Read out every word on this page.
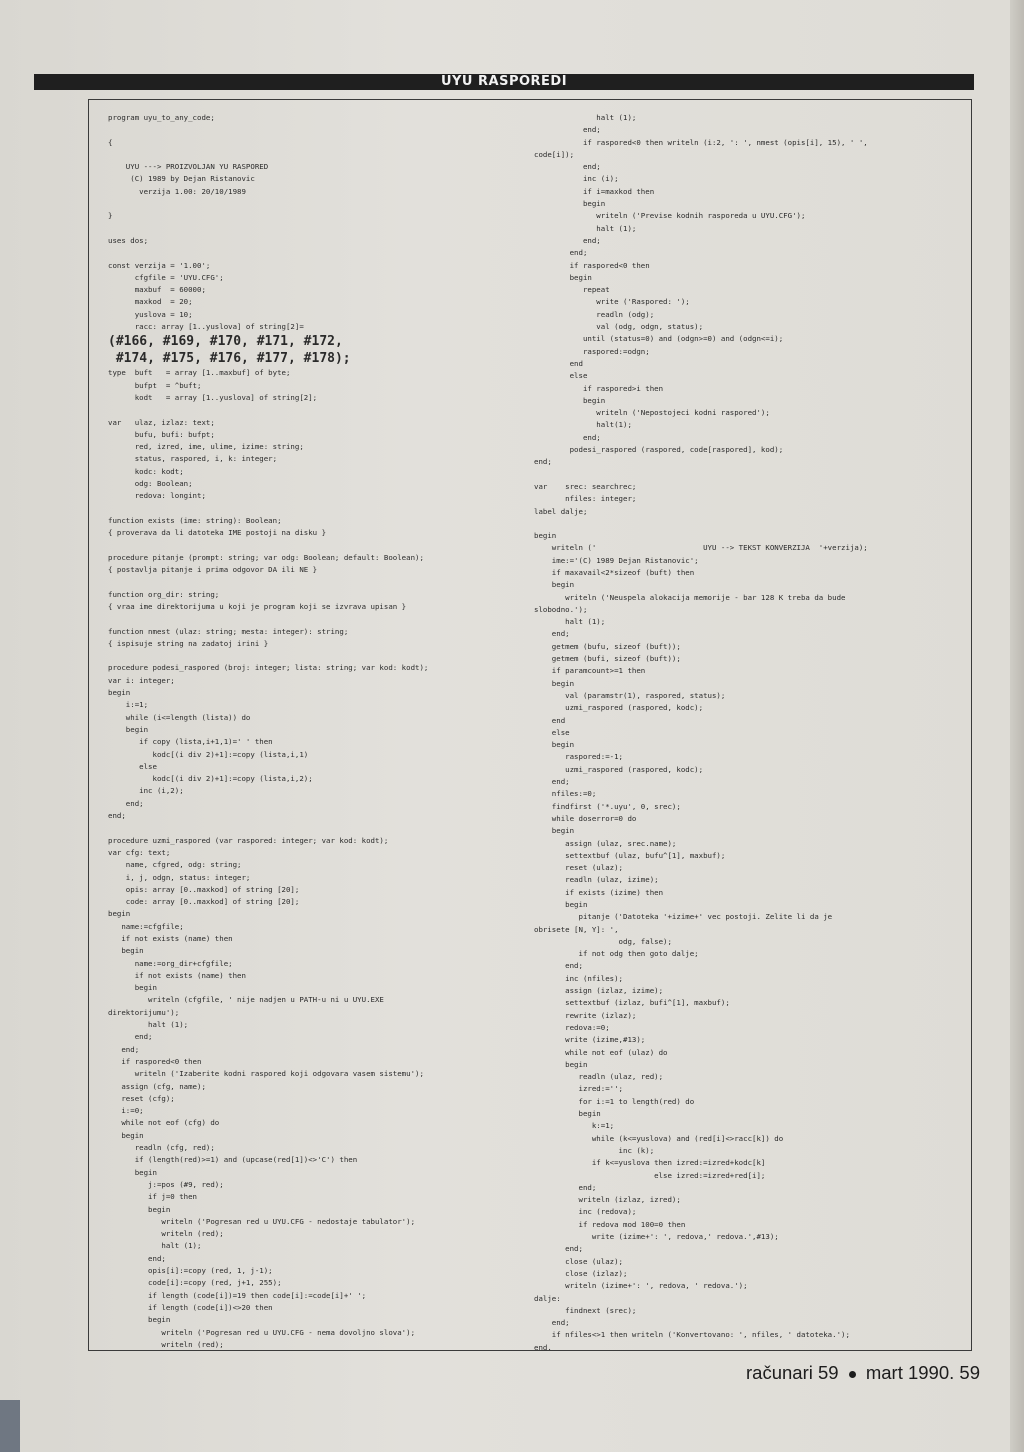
UYU RASPOREDI
program uyu_to_any_code;
{
UYU ---> PROIZVOLJAN YU RASPORED
(C) 1989 by Dejan Ristanovic
verzija 1.00: 20/10/1989
}
uses dos;
const verzija = '1.00';
cfgfile = 'UYU.CFG';
maxbuf  = 60000;
maxkod  = 20;
yuslova = 10;
racc: array [1..yuslova] of string[2]=
(#166, #169, #170, #171, #172,
#174, #175, #176, #177, #178);
type  buft   = array [1..maxbuf] of byte;
bufpt  = ^buft;
kodt   = array [1..yuslova] of string[2];
var   ulaz, izlaz: text;
bufu, bufi: bufpt;
red, izred, ime, ulime, izime: string;
status, raspored, i, k: integer;
kodc: kodt;
odg: Boolean;
redova: longint;
function exists (ime: string): Boolean;
{ proverava da li datoteka IME postoji na disku }
procedure pitanje (prompt: string; var odg: Boolean; default: Boolean);
{ postavlja pitanje i prima odgovor DA ili NE }
function org_dir: string;
{ vraa ime direktorijuma u koji je program koji se izvrava upisan }
function nmest (ulaz: string; mesta: integer): string;
{ ispisuje string na zadatoj irini }
procedure podesi_raspored (broj: integer; lista: string; var kod: kodt);
var i: integer;
begin
i:=1;
while (i<=length (lista)) do
begin
if copy (lista,i+1,1)=' ' then
kodc[(i div 2)+1]:=copy (lista,i,1)
else
kodc[(i div 2)+1]:=copy (lista,i,2);
inc (i,2);
end;
end;
procedure uzmi_raspored (var raspored: integer; var kod: kodt);
var cfg: text;
name, cfgred, odg: string;
i, j, odgn, status: integer;
opis: array [0..maxkod] of string [20];
code: array [0..maxkod] of string [20];
begin
name:=cfgfile;
if not exists (name) then
begin
name:=org_dir+cfgfile;
if not exists (name) then
begin
writeln (cfgfile, ' nije nadjen u PATH-u ni u UYU.EXE
direktorijumu');
halt (1);
end;
end;
if raspored<0 then
writeln ('Izaberite kodni raspored koji odgovara vasem sistemu');
assign (cfg, name);
reset (cfg);
i:=0;
while not eof (cfg) do
begin
readln (cfg, red);
if (length(red)>=1) and (upcase(red[1])<>'C') then
begin
j:=pos (#9, red);
if j=0 then
begin
writeln ('Pogresan red u UYU.CFG - nedostaje tabulator');
writeln (red);
halt (1);
end;
opis[i]:=copy (red, 1, j-1);
code[i]:=copy (red, j+1, 255);
if length (code[i])=19 then code[i]:=code[i]+' ';
if length (code[i])<>20 then
begin
writeln ('Pogresan red u UYU.CFG - nema dovoljno slova');
writeln (red);
halt (1);
end;
if raspored<0 then writeln (i:2, ': ', nmest (opis[i], 15), ' ',
code[i]);
end;
inc (i);
if i=maxkod then
begin
writeln ('Previse kodnih rasporeda u UYU.CFG');
halt (1);
end;
end;
if raspored<0 then
begin
repeat
write ('Raspored: ');
readln (odg);
val (odg, odgn, status);
until (status=0) and (odgn>=0) and (odgn<=i);
raspored:=odgn;
end
else
if raspored>i then
begin
writeln ('Nepostojeci kodni raspored');
halt(1);
end;
podesi_raspored (raspored, code[raspored], kod);
end;
var    srec: searchrec;
nfiles: integer;
label dalje;
begin
writeln ('                        UYU --> TEKST KONVERZIJA  '+verzija);
ime:='(C) 1989 Dejan Ristanovic';
if maxavail<2*sizeof (buft) then
begin
writeln ('Neuspela alokacija memorije - bar 128 K treba da bude
slobodno.');
halt (1);
end;
getmem (bufu, sizeof (buft));
getmem (bufi, sizeof (buft));
if paramcount>=1 then
begin
val (paramstr(1), raspored, status);
uzmi_raspored (raspored, kodc);
end
else
begin
raspored:=-1;
uzmi_raspored (raspored, kodc);
end;
nfiles:=0;
findfirst ('*.uyu', 0, srec);
while doserror=0 do
begin
assign (ulaz, srec.name);
settextbuf (ulaz, bufu^[1], maxbuf);
reset (ulaz);
readln (ulaz, izime);
if exists (izime) then
begin
pitanje ('Datoteka '+izime+' vec postoji. Zelite li da je
obrisete [N, Y]: ',
odg, false);
if not odg then goto dalje;
end;
inc (nfiles);
assign (izlaz, izime);
settextbuf (izlaz, bufi^[1], maxbuf);
rewrite (izlaz);
redova:=0;
write (izime,#13);
while not eof (ulaz) do
begin
readln (ulaz, red);
izred:='';
for i:=1 to length(red) do
begin
k:=1;
while (k<=yuslova) and (red[i]<>racc[k]) do
inc (k);
if k<=yuslova then izred:=izred+kodc[k]
else izred:=izred+red[i];
end;
writeln (izlaz, izred);
inc (redova);
if redova mod 100=0 then
write (izime+': ', redova,' redova.',#13);
end;
close (ulaz);
close (izlaz);
writeln (izime+': ', redova, ' redova.');
dalje:
findnext (srec);
end;
if nfiles<>1 then writeln ('Konvertovano: ', nfiles, ' datoteka.');
end.
računari 59 mart 1990. 59
